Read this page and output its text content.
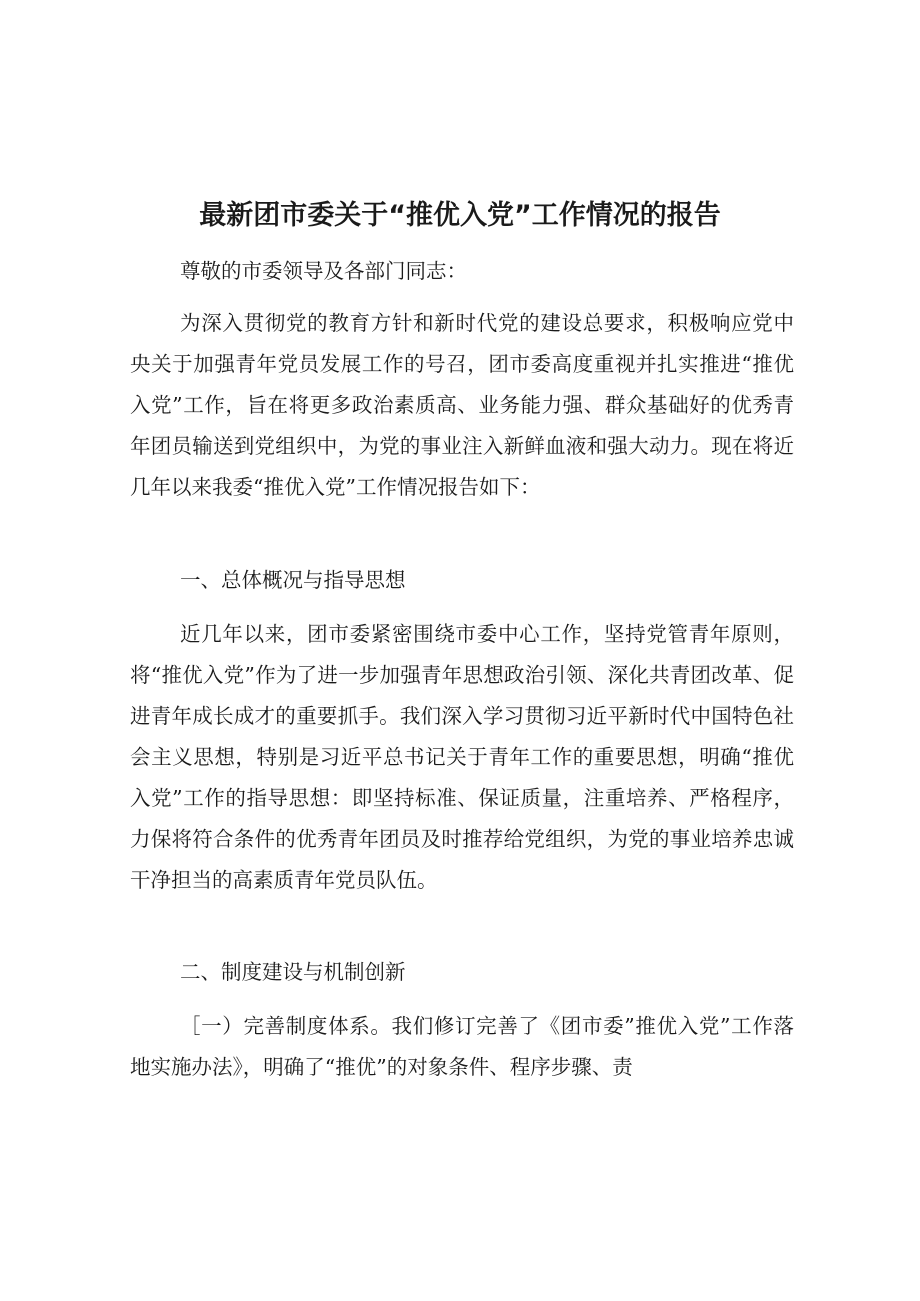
最新团市委关于“推优入党”工作情况的报告

尊敬的市委领导及各部门同志：

为深入贯彻党的教育方针和新时代党的建设总要求，积极响应党中央关于加强青年党员发展工作的号召，团市委高度重视并扎实推进“推优入党”工作，旨在将更多政治素质高、业务能力强、群众基础好的优秀青年团员输送到党组织中，为党的事业注入新鲜血液和强大动力。现在将近几年以来我委“推优入党”工作情况报告如下：

一、总体概况与指导思想

近几年以来，团市委紧密围绕市委中心工作，坚持党管青年原则，将“推优入党”作为了进一步加强青年思想政治引领、深化共青团改革、促进青年成长成才的重要抓手。我们深入学习贯彻习近平新时代中国特色社会主义思想，特别是习近平总书记关于青年工作的重要思想，明确“推优入党”工作的指导思想：即坚持标准、保证质量，注重培养、严格程序，力保将符合条件的优秀青年团员及时推荐给党组织，为党的事业培养忠诚干净担当的高素质青年党员队伍。

二、制度建设与机制创新

［一）完善制度体系。我们修订完善了《团市委”推优入党”工作落地实施办法》，明确了“推优”的对象条件、程序步骤、责
